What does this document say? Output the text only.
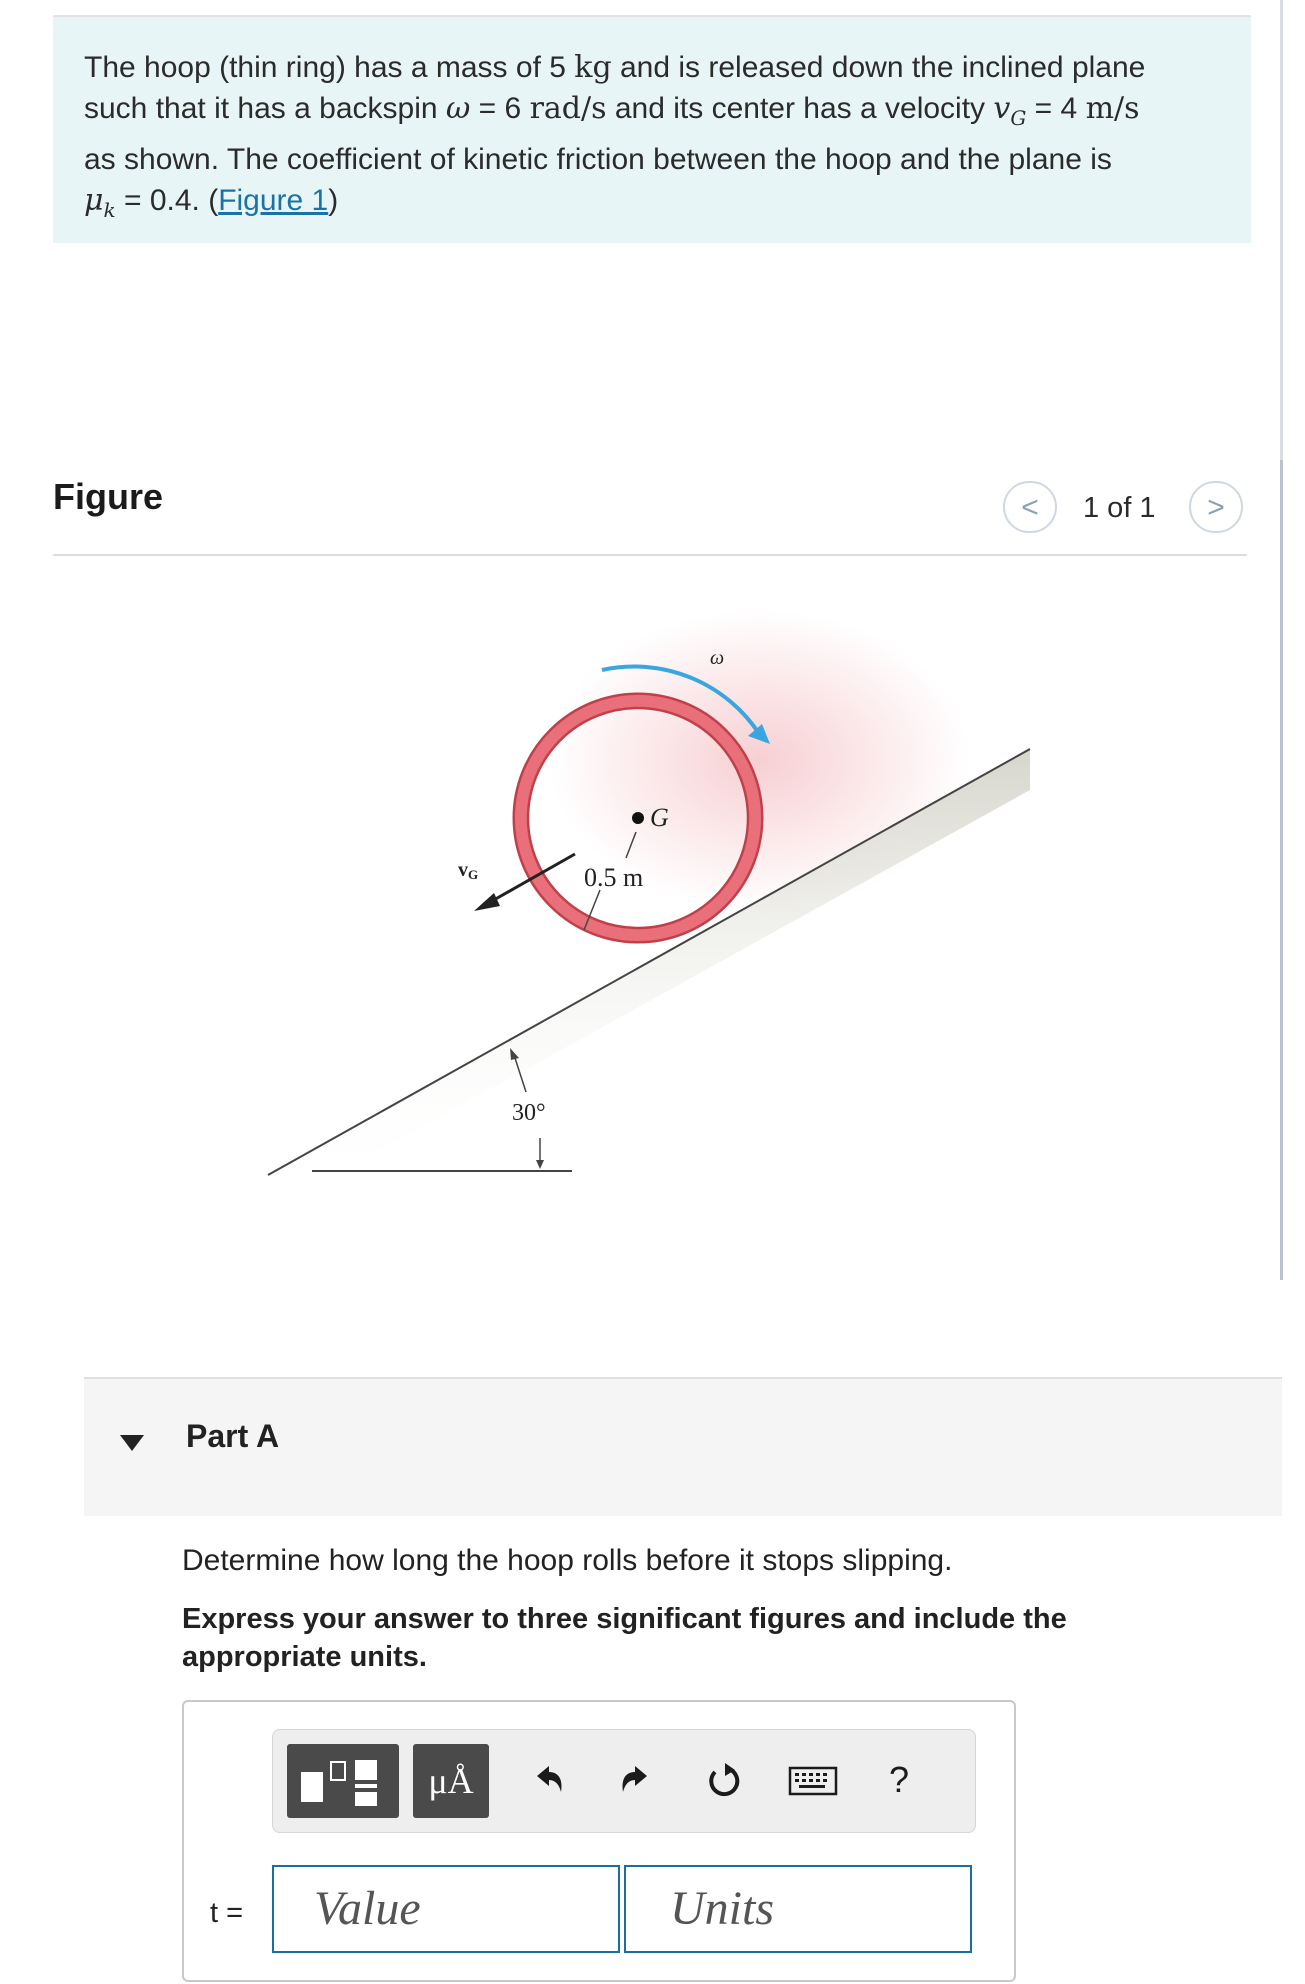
The hoop (thin ring) has a mass of 5 kg and is released down the inclined plane
such that it has a backspin ω = 6 rad/s and its center has a velocity $v_G = 4$ m/s
as shown. The coefficient of kinetic friction between the hoop and the plane is
$\mu_k = 0.4$. (Figure 1)
Figure	<	1 of 1	>
30°
G
0.5 m
vG
ω
Part A
Determine how long the hoop rolls before it stops slipping.
Express your answer to three significant figures and include the appropriate units.
μÅ	?
t =	Value	Units
